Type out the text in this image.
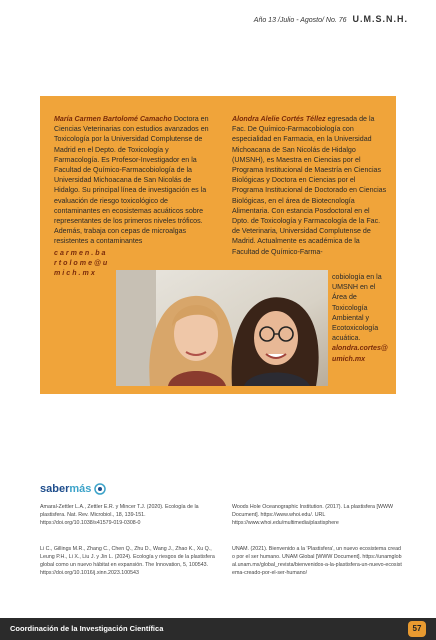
Año 13 /Julio - Agosto/ No. 76 U.M.S.N.H.
María Carmen Bartolomé Camacho Doctora en Ciencias Veterinarias con estudios avanzados en Toxicología por la Universidad Complutense de Madrid en el Depto. de Toxicología y Farmacología. Es Profesor-Investigador en la Facultad de Químico-Farmacobiología de la Universidad Michoacana de San Nicolás de Hidalgo. Su principal línea de investigación es la evaluación de riesgo toxicológico de contaminantes en ecosistemas acuáticos sobre representantes de los primeros niveles tróficos. Además, trabaja con cepas de microalgas resistentes a contaminantes
carmen.bartolome@umich.mx
Alondra Alelie Cortés Téllez egresada de la Fac. De Químico-Farmacobiología con especialidad en Farmacia, en la Universidad Michoacana de San Nicolás de Hidalgo (UMSNH), es Maestra en Ciencias por el Programa Institucional de Maestría en Ciencias Biológicas y Doctora en Ciencias por el Programa Institucional de Doctorado en Ciencias Biológicas, en el área de Biotecnología Alimentaria. Con estancia Posdoctoral en el Dpto. de Toxicología y Farmacología de la Fac. de Veterinaria, Universidad Complutense de Madrid. Actualmente es académica de la Facultad de Químico-Farma-
cobiología en la UMSNH en el Área de Toxicología Ambiental y Ecotoxicología acuática.
alondra.cortes@umich.mx
saber más
Amaral-Zettler L.A., Zettler E.R. y Mincer T.J. (2020). Ecología de la plastisfera. Nat. Rev. Microbiol., 18, 139-151. https://doi.org/10.1038/s41579-019-0308-0
Li C., Gillings M.R., Zhang C., Chen Q., Zhu D., Wang J., Zhao K., Xu Q., Leung P.H., Li X., Liu J. y Jin L. (2024). Ecología y riesgos de la plastisfera global como un nuevo hábitat en expansión. The Innovation, 5, 100543. https://doi.org/10.1016/j.xinn.2023.100543
Woods Hole Oceanographic Institution. (2017). La plastisfera [WWW Document]. https://www.whoi.edu/. URL https://www.whoi.edu/multimedia/plastisphere
UNAM. (2021). Bienvenido a la 'Plastisfera', un nuevo ecosistema creado por el ser humano. UNAM Global [WWW Document]. https://unamglobal.unam.mx/global_revista/bienvenidos-a-la-plastisfera-un-nuevo-ecosistema-creado-por-el-ser-humano/
Coordinación de la Investigación Científica	57
